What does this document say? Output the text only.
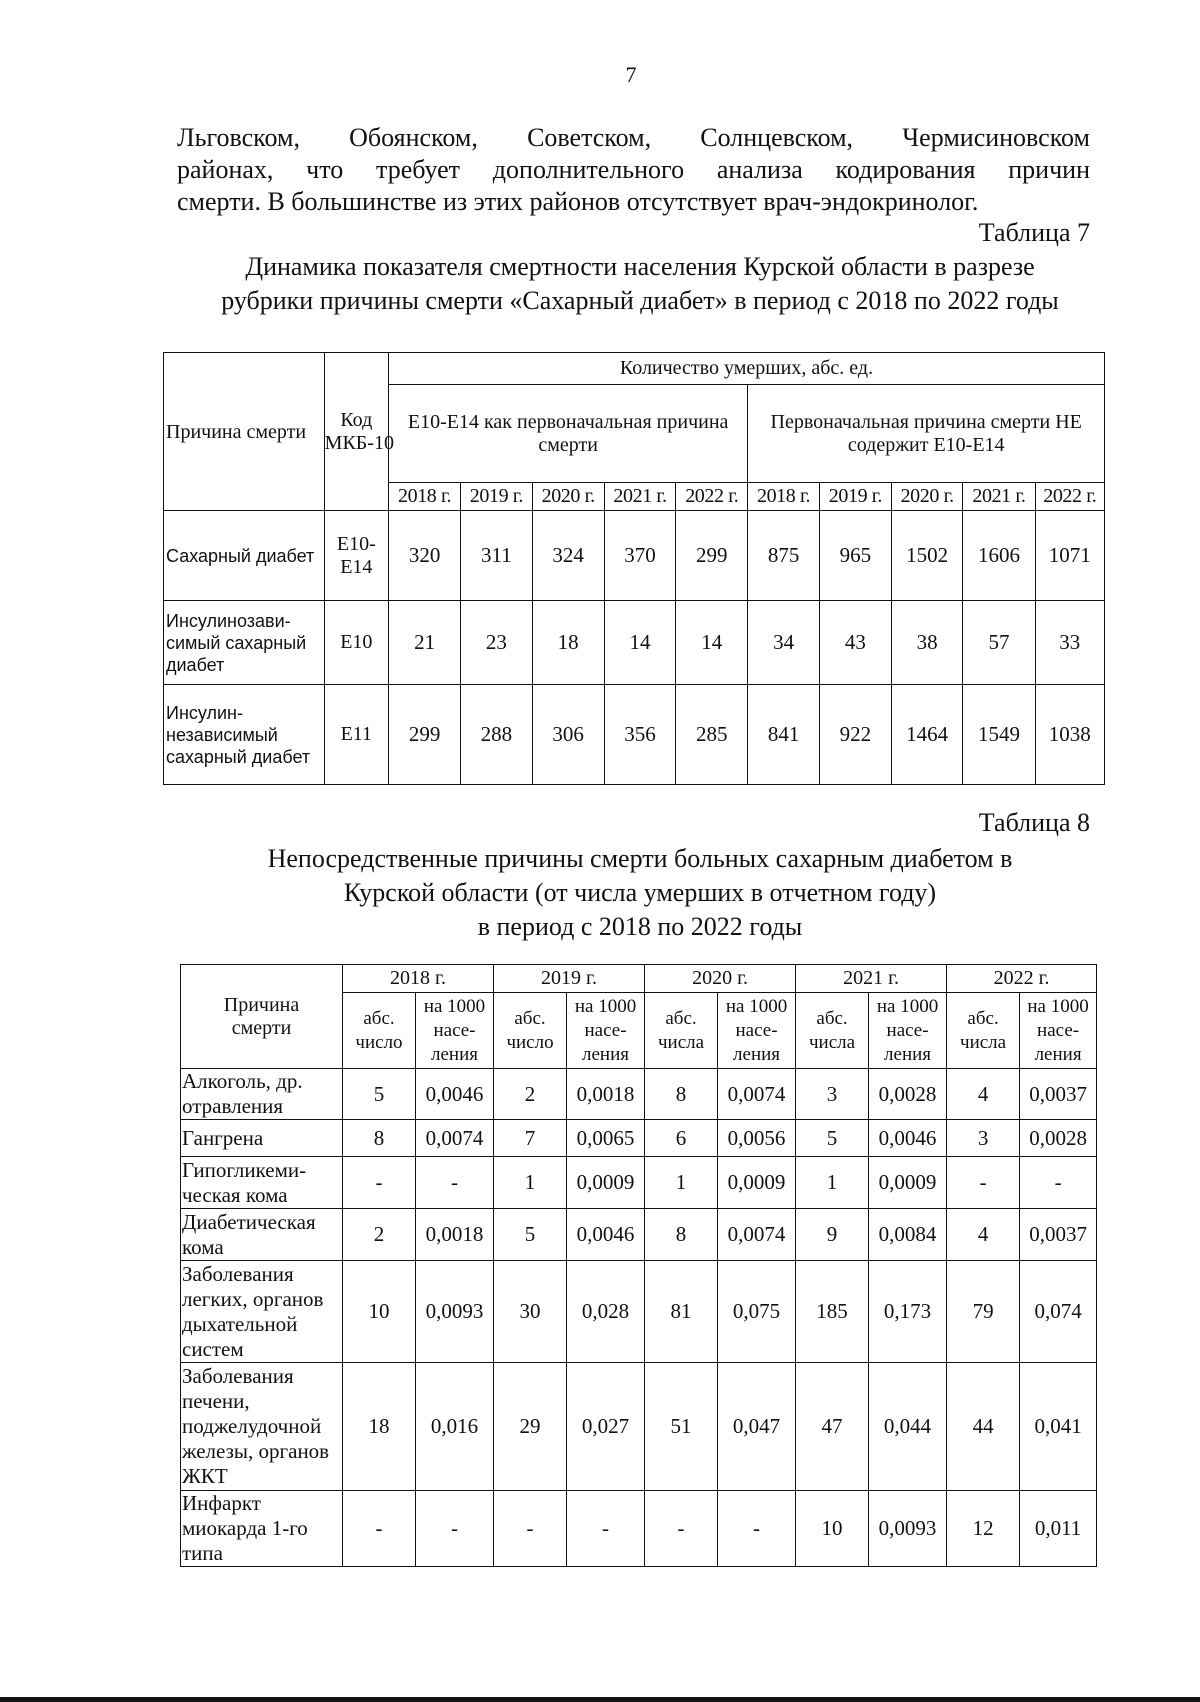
7
Льговском, Обоянском, Советском, Солнцевском, Чермисиновском
районах, что требует дополнительного анализа кодирования причин
смерти. В большинстве из этих районов отсутствует врач-эндокринолог.
Таблица 7
Динамика показателя смертности населения Курской области в разрезе
рубрики причины смерти «Сахарный диабет» в период с 2018 по 2022 годы
Причина смерти	Код МКБ-10	Количество умерших, абс. ед.									
		Е10-Е14 как первоначальная причина смерти					Первоначальная причина смерти НЕ содержит Е10-Е14				
		2018 г.	2019 г.	2020 г.	2021 г.	2022 г.	2018 г.	2019 г.	2020 г.	2021 г.	2022 г.
Сахарный диабет	Е10-Е14	320	311	324	370	299	875	965	1502	1606	1071
Инсулинозави-симый сахарный диабет	Е10	21	23	18	14	14	34	43	38	57	33
Инсулин-независимый сахарный диабет	Е11	299	288	306	356	285	841	922	1464	1549	1038
Таблица 8
Непосредственные причины смерти больных сахарным диабетом в
Курской области (от числа умерших в отчетном году)
в период с 2018 по 2022 годы
Причина смерти	2018 г.		2019 г.		2020 г.		2021 г.		2022 г.	
	абс. число	на 1000 насе-ления	абс. число	на 1000 насе-ления	абс. числа	на 1000 насе-ления	абс. числа	на 1000 насе-ления	абс. числа	на 1000 насе-ления
Алкоголь, др. отравления	5	0,0046	2	0,0018	8	0,0074	3	0,0028	4	0,0037
Гангрена	8	0,0074	7	0,0065	6	0,0056	5	0,0046	3	0,0028
Гипогликеми-ческая кома	-	-	1	0,0009	1	0,0009	1	0,0009	-	-
Диабетическая кома	2	0,0018	5	0,0046	8	0,0074	9	0,0084	4	0,0037
Заболевания легких, органов дыхательной систем	10	0,0093	30	0,028	81	0,075	185	0,173	79	0,074
Заболевания печени, поджелудочной железы, органов ЖКТ	18	0,016	29	0,027	51	0,047	47	0,044	44	0,041
Инфаркт миокарда 1-го типа	-	-	-	-	-	-	10	0,0093	12	0,011
